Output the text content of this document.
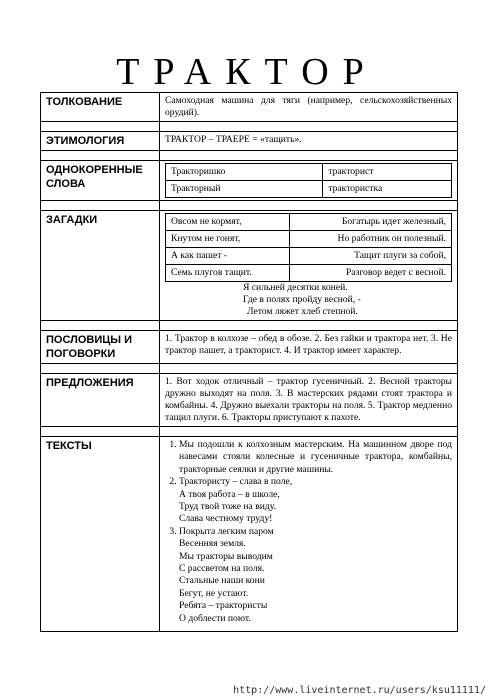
ТРАКТОР
ТОЛКОВАНИЕ	Самоходная машина для тяги (например, сельскохозяйственных орудий).

ЭТИМОЛОГИЯ	ТРАКТОР – ТРАЕРЕ = «тащить».

ОДНОКОРЕННЫЕ СЛОВА	
Трактоpишко	тракторист
Тракторный	трактористка

ЗАГАДКИ		Овсом не кормят,	Богатырь идет железный,
Кнутом не гонят,	Но работник он полезный.
А как пашет -	Тащит плуги за собой,
Семь плугов тащит.	Разговор ведет с весной.
Я сильней десятки коней.
Где в полях пройду весной, -
Летом ляжет хлеб степной.

ПОСЛОВИЦЫ И ПОГОВОРКИ	1. Трактор в колхозе – обед в обозе. 2. Без гайки и трактора нет. 3. Не трактор пашет, а тракторист. 4. И трактор имеет характер.

ПРЕДЛОЖЕНИЯ	1. Вот ходок отличный – трактор гусеничный. 2. Весной тракторы дружно выходят на поля. 3. В мастерских рядами стоят трактора и комбайны. 4. Дружно выехали тракторы на поля. 5. Трактор медленно тащил плуги. 6. Тракторы приступают к пахоте.

ТЕКСТЫ	
1.Мы подошли к колхозным мастерским. На машинном дворе под навесами стояли колесные и гусеничные трактора, комбайны, тракторные сеялки и другие машины.
2. Трактористу – слава в поле,
А твоя работа – в школе,
Труд твой тоже на виду.
Слава честному труду!
3. Покрыта легким паром
Весенняя земля.
Мы тракторы выводим
С рассветом на поля.
Стальные наши кони
Бегут, не устают.
Ребята – трактористы
О доблести поют.
http://www.liveinternet.ru/users/ksu11111/
